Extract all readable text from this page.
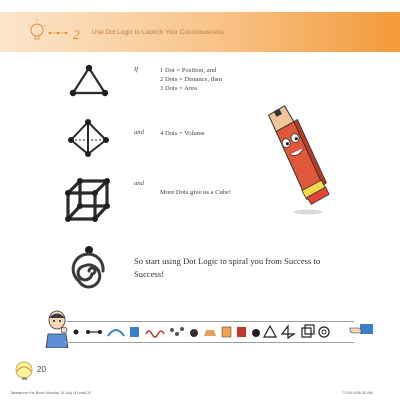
2 Use Dot Logic to Launch Your Consciousness
If	1 Dot = Position, and
2 Dots = Distance, then
3 Dots = Area
and 4 Dots = Volume
and
More Dots give us a Cube!
So start using Dot Logic to spiral you from Success to Success!
20
Takeabove the Book Monday 14 July (4).indd 20	7/7/06 6:56:30 AM
